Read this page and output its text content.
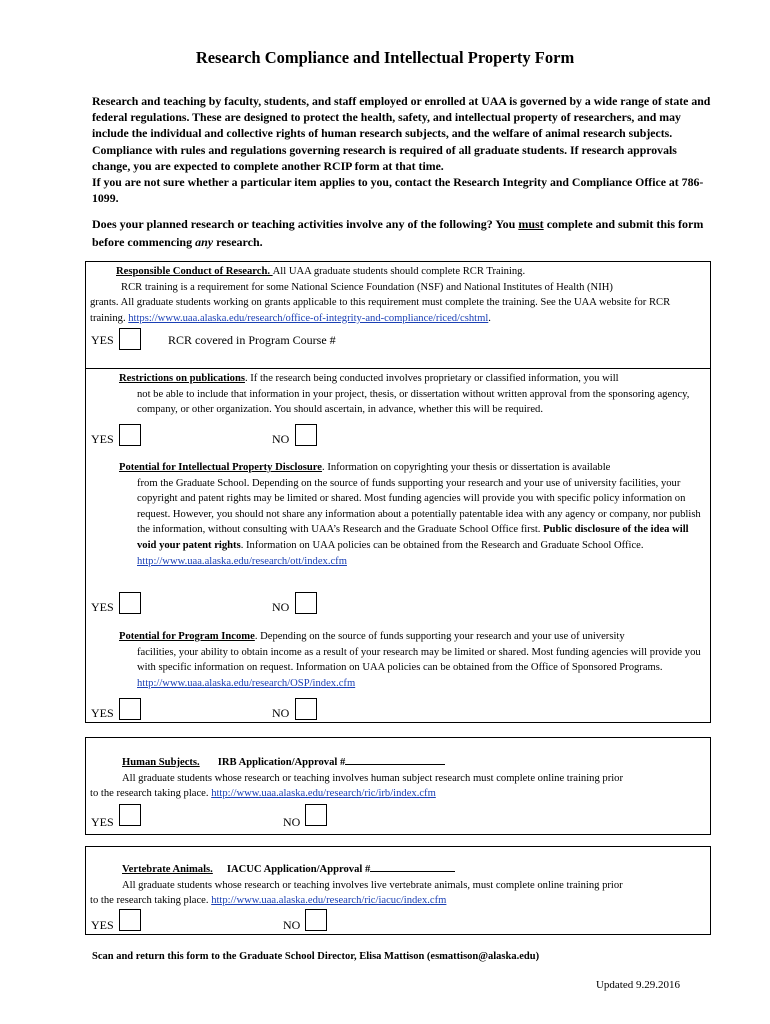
Research Compliance and Intellectual Property Form
Research and teaching by faculty, students, and staff employed or enrolled at UAA is governed by a wide range of state and federal regulations. These are designed to protect the health, safety, and intellectual property of researchers, and may include the individual and collective rights of human research subjects, and the welfare of animal research subjects. Compliance with rules and regulations governing research is required of all graduate students. If research approvals change, you are expected to complete another RCIP form at that time.
If you are not sure whether a particular item applies to you, contact the Research Integrity and Compliance Office at 786-1099.
Does your planned research or teaching activities involve any of the following? You must complete and submit this form before commencing any research.
Responsible Conduct of Research. All UAA graduate students should complete RCR Training.
RCR training is a requirement for some National Science Foundation (NSF) and National Institutes of Health (NIH)
grants. All graduate students working on grants applicable to this requirement must complete the training. See the UAA website for RCR training. https://www.uaa.alaska.edu/research/office-of-integrity-and-compliance/riced/cshtml.
YES	RCR covered in Program Course #
Restrictions on publications. If the research being conducted involves proprietary or classified information, you will
not be able to include that information in your project, thesis, or dissertation without written approval from the sponsoring agency, company, or other organization. You should ascertain, in advance, whether this will be required.
YES	NO
Potential for Intellectual Property Disclosure. Information on copyrighting your thesis or dissertation is available
from the Graduate School. Depending on the source of funds supporting your research and your use of university facilities, your copyright and patent rights may be limited or shared. Most funding agencies will provide you with specific policy information on request. However, you should not share any information about a potentially patentable idea with any agency or company, nor publish the information, without consulting with UAA’s Research and the Graduate School Office first. Public disclosure of the idea will void your patent rights. Information on UAA policies can be obtained from the Research and Graduate School Office.
http://www.uaa.alaska.edu/research/ott/index.cfm
YES	NO
Potential for Program Income. Depending on the source of funds supporting your research and your use of university
facilities, your ability to obtain income as a result of your research may be limited or shared. Most funding agencies will provide you with specific information on request. Information on UAA policies can be obtained from the Office of Sponsored Programs. http://www.uaa.alaska.edu/research/OSP/index.cfm
YES	NO
Human Subjects. IRB Application/Approval #
All graduate students whose research or teaching involves human subject research must complete online training prior
to the research taking place. http://www.uaa.alaska.edu/research/ric/irb/index.cfm
YES	NO
Vertebrate Animals. IACUC Application/Approval #
All graduate students whose research or teaching involves live vertebrate animals, must complete online training prior
to the research taking place. http://www.uaa.alaska.edu/research/ric/iacuc/index.cfm
YES	NO
Scan and return this form to the Graduate School Director, Elisa Mattison (esmattison@alaska.edu)
Updated 9.29.2016
